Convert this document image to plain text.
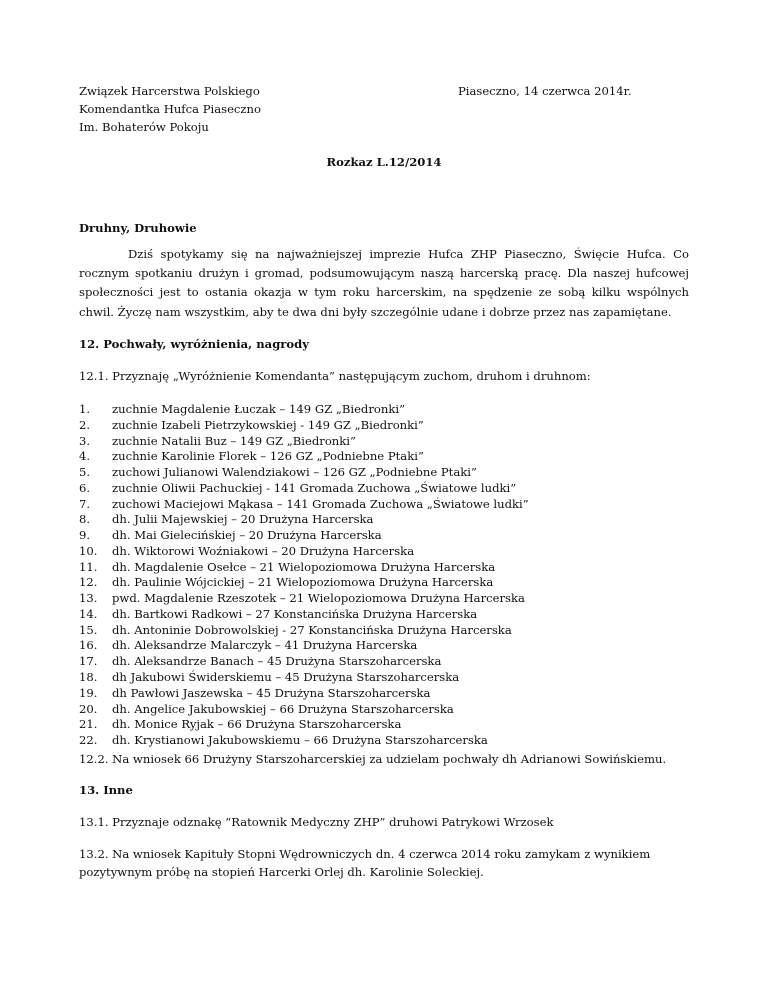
Związek Harcerstwa Polskiego
Komendantka Hufca Piaseczno
Im. Bohaterów Pokoju
Piaseczno, 14 czerwca 2014r.
Rozkaz L.12/2014
Druhny, Druhowie
Dziś spotykamy się na najważniejszej imprezie Hufca ZHP Piaseczno, Święcie Hufca. Co rocznym spotkaniu drużyn i gromad, podsumowującym naszą harcerską pracę. Dla naszej hufcowej społeczności jest to ostania okazja w tym roku harcerskim, na spędzenie ze sobą kilku wspólnych chwil. Życzę nam wszystkim, aby te dwa dni były szczególnie udane i dobrze przez nas zapamiętane.
12. Pochwały, wyróżnienia, nagrody
12.1. Przyznaję „Wyróżnienie Komendanta” następującym zuchom, druhom i druhnom:
1. zuchnie Magdalenie Łuczak – 149 GZ „Biedronki”
2. zuchnie Izabeli Pietrzykowskiej - 149 GZ „Biedronki”
3. zuchnie Natalii Buz – 149 GZ „Biedronki”
4. zuchnie Karolinie Florek – 126 GZ „Podniebne Ptaki”
5. zuchowi Julianowi Walendziakowi – 126 GZ „Podniebne Ptaki”
6. zuchnie Oliwii Pachuckiej - 141 Gromada Zuchowa „Światowe ludki”
7. zuchowi Maciejowi Mąkasa – 141 Gromada Zuchowa „Światowe ludki”
8. dh. Julii Majewskiej – 20 Drużyna Harcerska
9. dh. Mai Gielecińskiej – 20 Drużyna Harcerska
10. dh. Wiktorowi Woźniakowi – 20 Drużyna Harcerska
11. dh. Magdalenie Osełce – 21 Wielopoziomowa Drużyna Harcerska
12. dh. Paulinie Wójcickiej – 21 Wielopoziomowa Drużyna Harcerska
13. pwd. Magdalenie Rzeszotek – 21 Wielopoziomowa Drużyna Harcerska
14. dh. Bartkowi Radkowi – 27 Konstancińska Drużyna Harcerska
15. dh. Antoninie Dobrowolskiej - 27 Konstancińska Drużyna Harcerska
16. dh. Aleksandrze Malarczyk – 41 Drużyna Harcerska
17. dh. Aleksandrze Banach – 45 Drużyna Starszoharcerska
18. dh Jakubowi Świderskiemu – 45 Drużyna Starszoharcerska
19. dh Pawłowi Jaszewska – 45 Drużyna Starszoharcerska
20. dh. Angelice Jakubowskiej – 66 Drużyna Starszoharcerska
21. dh. Monice Ryjak – 66 Drużyna Starszoharcerska
22. dh. Krystianowi Jakubowskiemu – 66 Drużyna Starszoharcerska
12.2. Na wniosek 66 Drużyny Starszoharcerskiej za udzielam pochwały dh Adrianowi Sowińskiemu.
13. Inne
13.1. Przyznaje odznakę “Ratownik Medyczny ZHP” druhowi Patrykowi Wrzosek
13.2. Na wniosek Kapituły Stopni Wędrowniczych dn. 4 czerwca 2014 roku zamykam z wynikiem pozytywnym próbę na stopień Harcerki Orlej dh. Karolinie Soleckiej.
